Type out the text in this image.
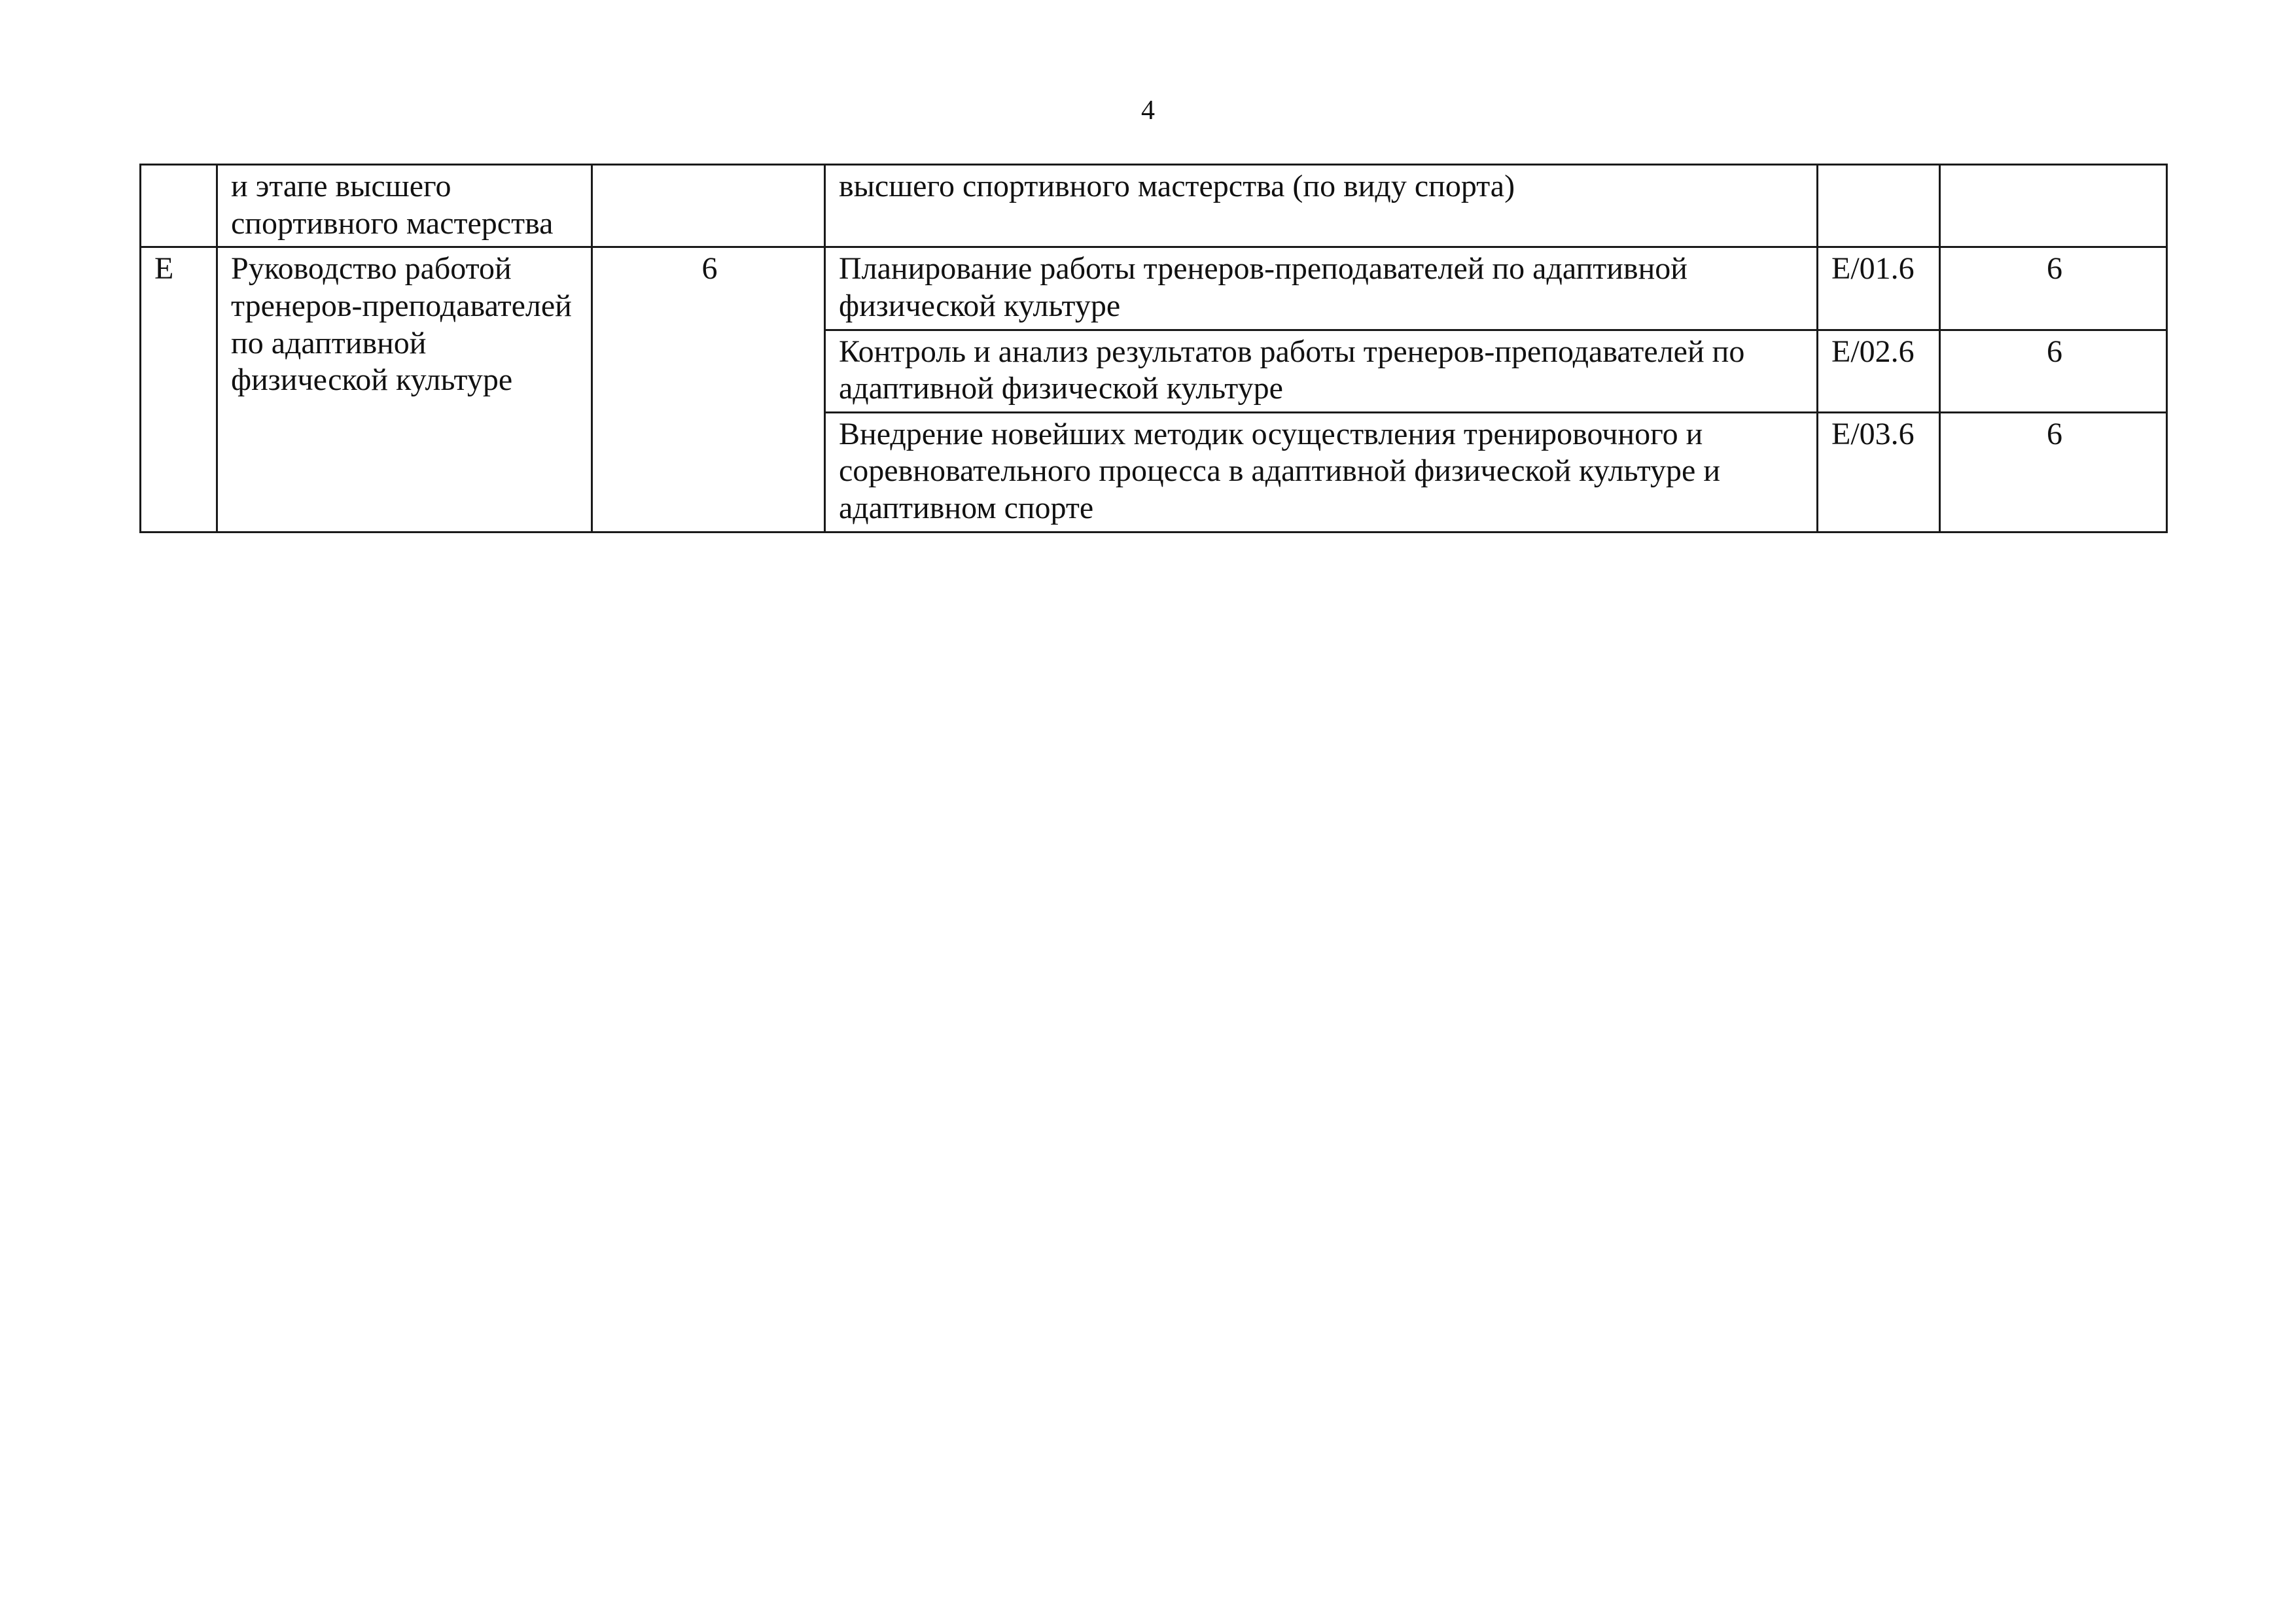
4
	и этапе высшего спортивного мастерства		высшего спортивного мастерства (по виду спорта)		
E	Руководство работой тренеров-преподавателей по адаптивной физической культуре	6	Планирование работы тренеров-преподавателей по адаптивной физической культуре	E/01.6	6
			Контроль и анализ результатов работы тренеров-преподавателей по адаптивной физической культуре	E/02.6	6
			Внедрение новейших методик осуществления тренировочного и соревновательного процесса в адаптивной физической культуре и адаптивном спорте	E/03.6	6
